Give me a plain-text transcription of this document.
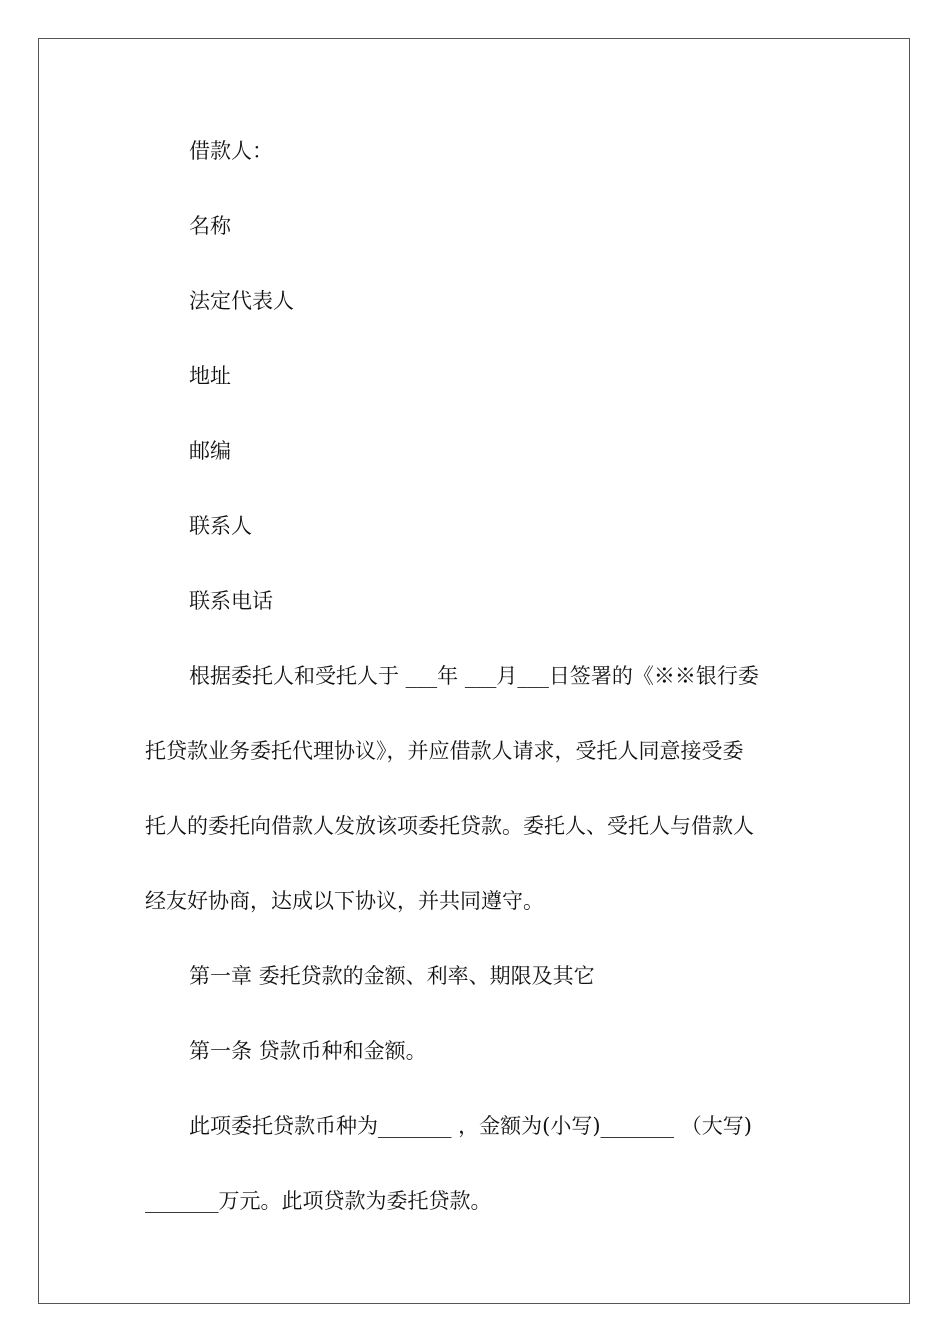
借款人：
名称
法定代表人
地址
邮编
联系人
联系电话
根据委托人和受托人于 ___年 ___月___日签署的《※※银行委
托贷款业务委托代理协议》，并应借款人请求，受托人同意接受委
托人的委托向借款人发放该项委托贷款。委托人、受托人与借款人
经友好协商，达成以下协议，并共同遵守。
第一章 委托贷款的金额、利率、期限及其它
第一条 贷款币种和金额。
此项委托贷款币种为_______ ，金额为(小写)_______ （大写)
_______万元。此项贷款为委托贷款。
